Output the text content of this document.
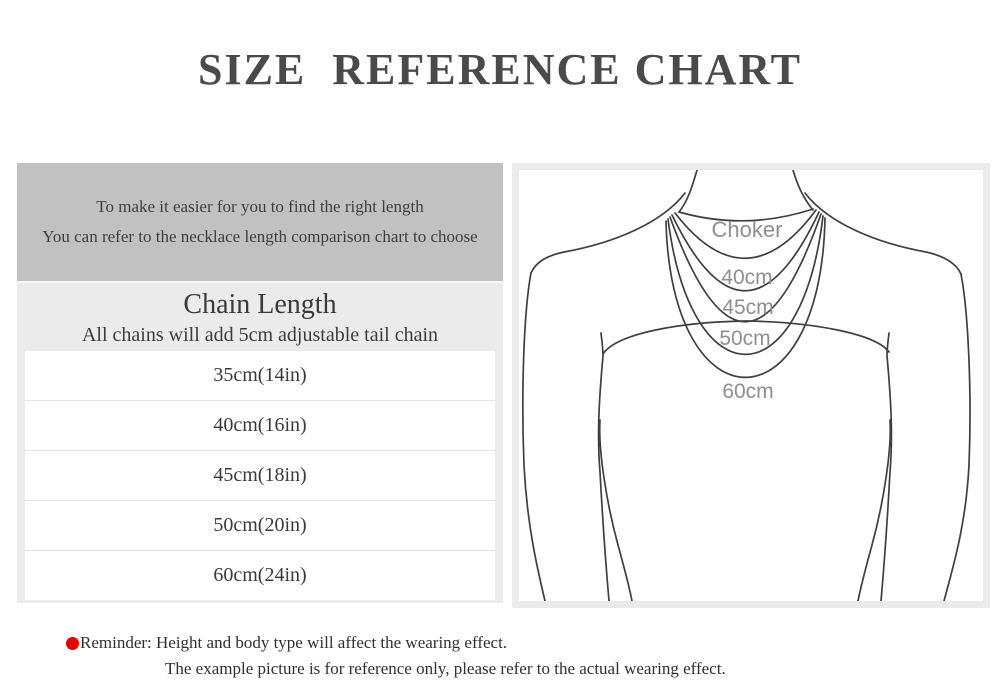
SIZE  REFERENCE CHART

To make it easier for you to find the right length

You can refer to the necklace length comparison chart to choose

Chain Length

All chains will add 5cm adjustable tail chain

35cm(14in)
40cm(16in)
45cm(18in)
50cm(20in)
60cm(24in)
Choker
40cm
45cm
50cm
60cm
Reminder: Height and body type will affect the wearing effect.
The example picture is for reference only, please refer to the actual wearing effect.
